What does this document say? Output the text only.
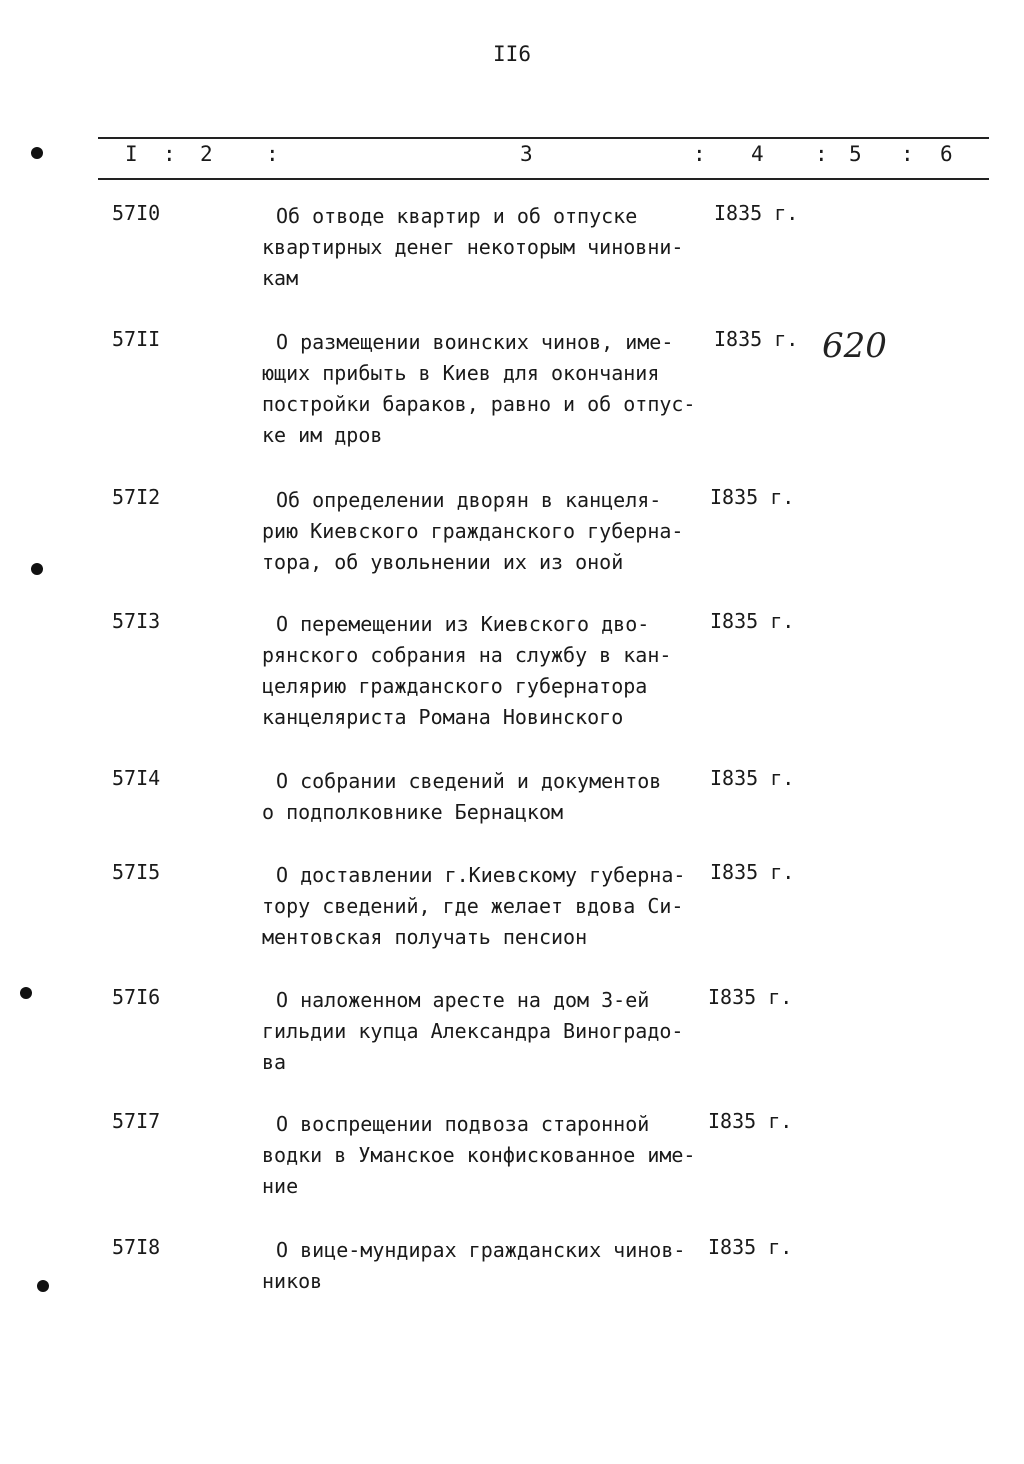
II6
I : 2	:	3	: 4 : 5 : 6
57I0	Об отводе квартир и об отпуске
квартирных денег некоторым чиновни-
кам
I835 г.
57II	О размещении воинских чинов, име-
ющих прибыть в Киев для окончания
постройки бараков, равно и об отпус-
ке им дров
I835 г. 620
57I2	Об определении дворян в канцеля-
рию Киевского гражданского губерна-
тора, об увольнении их из оной
I835 г.
57I3	О перемещении из Киевского дво-
рянского собрания на службу в кан-
целярию гражданского губернатора
канцеляриста Романа Новинского
I835 г.
57I4	О собрании сведений и документов
о подполковнике Бернацком
I835 г.
57I5	О доставлении г.Киевскому губерна-
тору сведений, где желает вдова Си-
ментовская получать пенсион
I835 г.
57I6	О наложенном аресте на дом 3-ей
гильдии купца Александра Виноградо-
ва
I835 г.
57I7	О воспрещении подвоза старонной
водки в Уманское конфискованное име-
ние
I835 г.
57I8	О вице-мундирах гражданских чинов-
ников
I835 г.
